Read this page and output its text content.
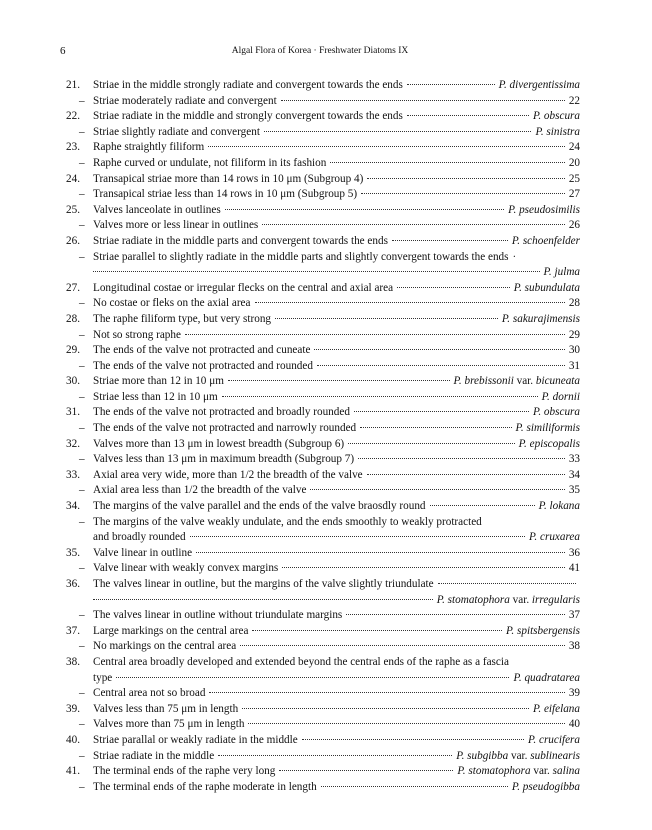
6	Algal Flora of Korea · Freshwater Diatoms IX
21. Striae in the middle strongly radiate and convergent towards the ends	P. divergentissima
– Striae moderately radiate and convergent	22
22. Striae radiate in the middle and strongly convergent towards the ends	P. obscura
– Striae slightly radiate and convergent	P. sinistra
23. Raphe straightly filiform	24
– Raphe curved or undulate, not filiform in its fashion	20
24. Transapical striae more than 14 rows in 10 μm (Subgroup 4)	25
– Transapical striae less than 14 rows in 10 μm (Subgroup 5)	27
25. Valves lanceolate in outlines	P. pseudosimilis
– Valves more or less linear in outlines	26
26. Striae radiate in the middle parts and convergent towards the ends	P. schoenfelder
– Striae parallel to slightly radiate in the middle parts and slightly convergent towards the ends ·
P. julma
27. Longitudinal costae or irregular flecks on the central and axial area	P. subundulata
– No costae or fleks on the axial area	28
28. The raphe filiform type, but very strong	P. sakurajimensis
– Not so strong raphe	29
29. The ends of the valve not protracted and cuneate	30
– The ends of the valve not protracted and rounded	31
30. Striae more than 12 in 10 μm	P. brebissonii var. bicuneata
– Striae less than 12 in 10 μm	P. dornii
31. The ends of the valve not protracted and broadly rounded	P. obscura
– The ends of the valve not protracted and narrowly rounded	P. similiformis
32. Valves more than 13 μm in lowest breadth (Subgroup 6)	P. episcopalis
– Valves less than 13 μm in maximum breadth (Subgroup 7)	33
33. Axial area very wide, more than 1/2 the breadth of the valve	34
– Axial area less than 1/2 the breadth of the valve	35
34. The margins of the valve parallel and the ends of the valve braosdly round	P. lokana
– The margins of the valve weakly undulate, and the ends smoothly to weakly protracted
and broadly rounded	P. cruxarea
35. Valve linear in outline	36
– Valve linear with weakly convex margins	41
36. The valves linear in outline, but the margins of the valve slightly triundulate
P. stomatophora var. irregularis
– The valves linear in outline without triundulate margins	37
37. Large markings on the central area	P. spitsbergensis
– No markings on the central area	38
38. Central area broadly developed and extended beyond the central ends of the raphe as a fascia
type	P. quadratarea
– Central area not so broad	39
39. Valves less than 75 μm in length	P. eifelana
– Valves more than 75 μm in length	40
40. Striae parallal or weakly radiate in the middle	P. crucifera
– Striae radiate in the middle	P. subgibba var. sublinearis
41. The terminal ends of the raphe very long	P. stomatophora var. salina
– The terminal ends of the raphe moderate in length	P. pseudogibba
